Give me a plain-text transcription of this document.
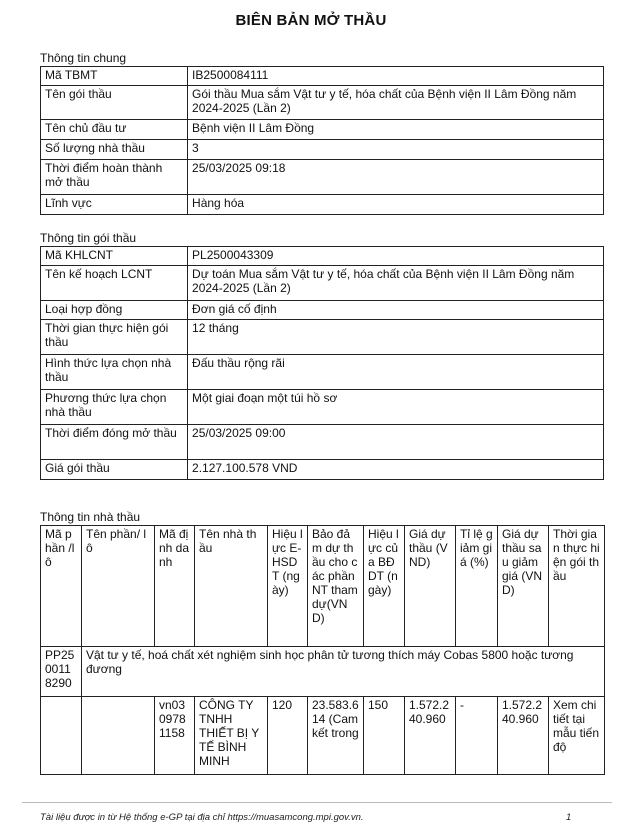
BIÊN BẢN MỞ THẦU
Thông tin chung
Mã TBMT	IB2500084111
Tên gói thầu	Gói thầu Mua sắm Vật tư y tế, hóa chất của Bệnh viện II Lâm Đồng năm 2024-2025 (Lần 2)
Tên chủ đầu tư	Bệnh viện II Lâm Đồng
Số lượng nhà thầu	3
Thời điểm hoàn thành mở thầu	25/03/2025 09:18
Lĩnh vực	Hàng hóa
Thông tin gói thầu
Mã KHLCNT	PL2500043309
Tên kế hoạch LCNT	Dự toán Mua sắm Vật tư y tế, hóa chất của Bệnh viện II Lâm Đồng năm 2024-2025 (Lần 2)
Loại hợp đồng	Đơn giá cố định
Thời gian thực hiện gói thầu	12 tháng
Hình thức lựa chọn nhà thầu	Đấu thầu rộng rãi
Phương thức lựa chọn nhà thầu	Một giai đoạn một túi hồ sơ
Thời điểm đóng mở thầu	25/03/2025 09:00
Giá gói thầu	2.127.100.578 VND
Thông tin nhà thầu
Mã phần /lô	Tên phần/ lô	Mã định danh	Tên nhà thầu	Hiệu lực E-HSDT (ngày)	Bảo đảm dự thầu cho các phần NT tham dự(VND)	Hiệu lực của BĐDT (ngày)	Giá dự thầu (VND)	Tỉ lệ giảm giá (%)	Giá dự thầu sau giảm giá (VND)	Thời gian thực hiện gói thầu
PP2500118290	Vật tư y tế, hoá chất xét nghiệm sinh học phân tử tương thích máy Cobas 5800 hoặc tương đương									
		vn0309781158	CÔNG TY TNHH THIẾT BỊ Y TẾ BÌNH MINH	120	23.583.614 (Cam kết trong	150	1.572.240.960	-	1.572.240.960	Xem chi tiết tại mẫu tiến độ
Tài liệu được in từ Hệ thống e-GP tại địa chỉ https://muasamcong.mpi.gov.vn.	1
